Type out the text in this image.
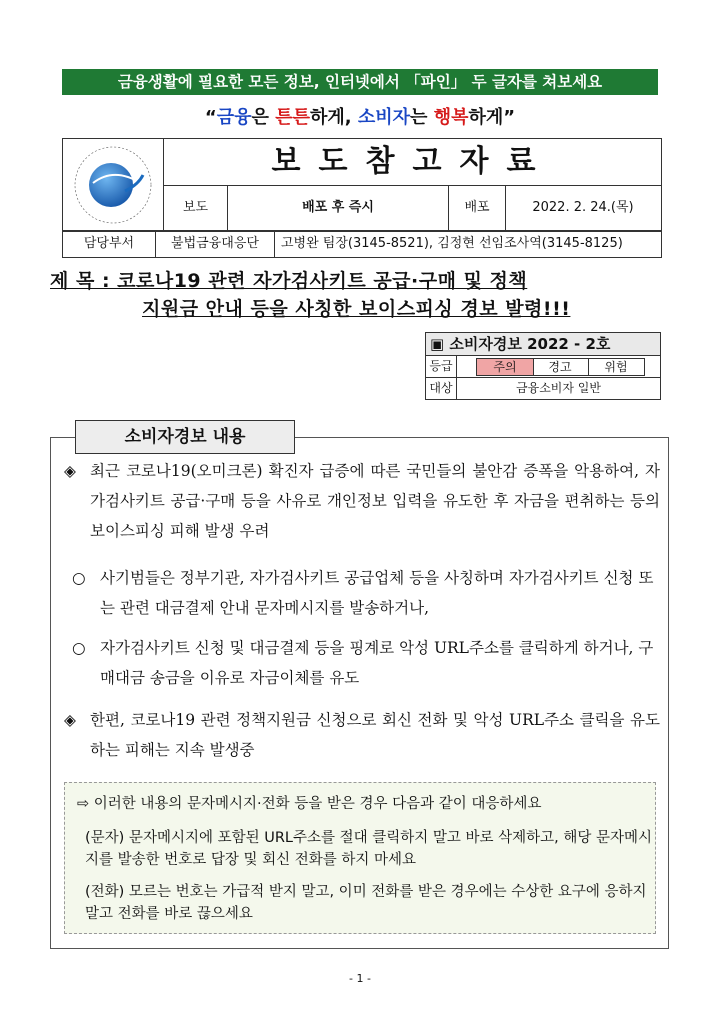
금융생활에 필요한 모든 정보, 인터넷에서 「파인」 두 글자를 쳐보세요
“금융은 튼튼하게, 소비자는 행복하게”
보도참고자료
보도	배포 후 즉시	배포	2022. 2. 24.(목)
담당부서	불법금융대응단	고병완 팀장(3145-8521), 김정현 선임조사역(3145-8125)
제 목 : 코로나19 관련 자가검사키트 공급·구매 및 정책
지원금 안내 등을 사칭한 보이스피싱 경보 발령!!!
▣ 소비자경보 2022 - 2호
등급	주의	경고	위험
대상	금융소비자 일반
소비자경보 내용
◈ 최근 코로나19(오미크론) 확진자 급증에 따른 국민들의 불안감 증폭을 악용하여, 자가검사키트 공급·구매 등을 사유로 개인정보 입력을 유도한 후 자금을 편취하는 등의 보이스피싱 피해 발생 우려
○ 사기범들은 정부기관, 자가검사키트 공급업체 등을 사칭하며 자가검사키트 신청 또는 관련 대금결제 안내 문자메시지를 발송하거나,
○ 자가검사키트 신청 및 대금결제 등을 핑계로 악성 URL주소를 클릭하게 하거나, 구매대금 송금을 이유로 자금이체를 유도
◈ 한편, 코로나19 관련 정책지원금 신청으로 회신 전화 및 악성 URL주소 클릭을 유도하는 피해는 지속 발생중
⇨ 이러한 내용의 문자메시지·전화 등을 받은 경우 다음과 같이 대응하세요
(문자) 문자메시지에 포함된 URL주소를 절대 클릭하지 말고 바로 삭제하고, 해당 문자메시지를 발송한 번호로 답장 및 회신 전화를 하지 마세요
(전화) 모르는 번호는 가급적 받지 말고, 이미 전화를 받은 경우에는 수상한 요구에 응하지 말고 전화를 바로 끊으세요
- 1 -
